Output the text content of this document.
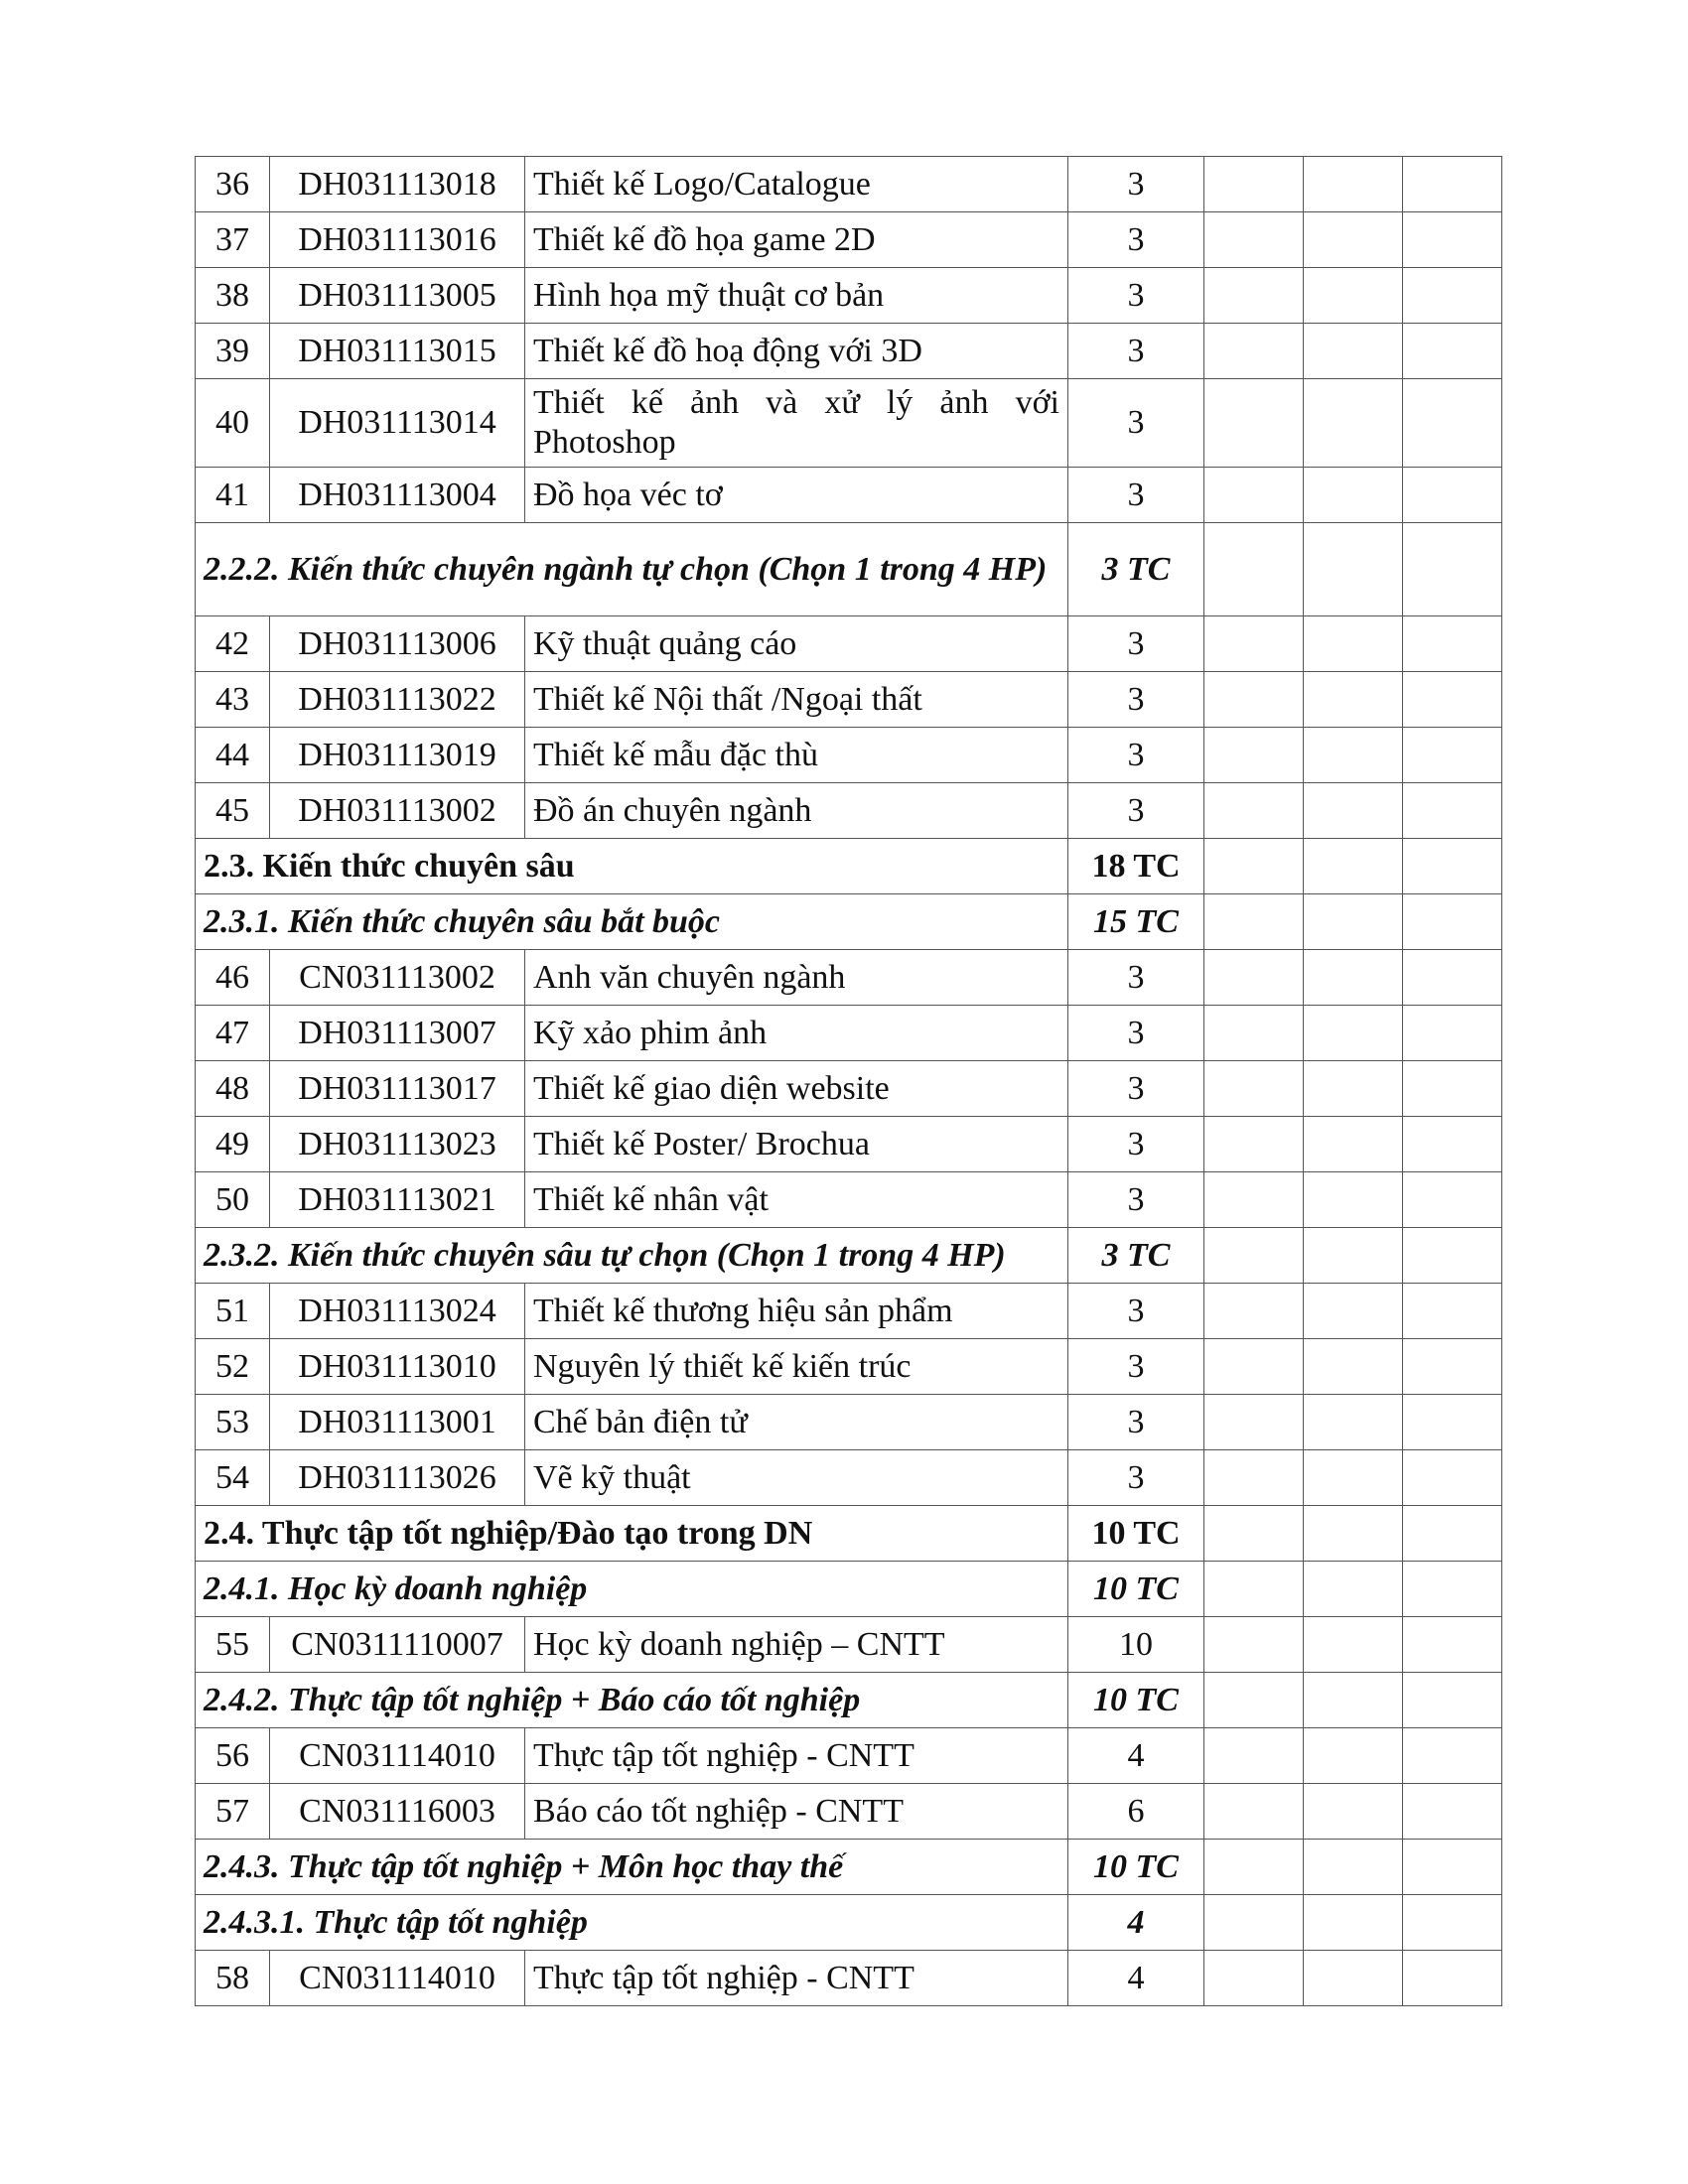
36	DH031113018	Thiết kế Logo/Catalogue	3			
37	DH031113016	Thiết kế đồ họa game 2D	3			
38	DH031113005	Hình họa mỹ thuật cơ bản	3			
39	DH031113015	Thiết kế đồ hoạ động với 3D	3			
40	DH031113014	Thiết kế ảnh và xử lý ảnh với Photoshop	3			
41	DH031113004	Đồ họa véc tơ	3			
2.2.2. Kiến thức chuyên ngành tự chọn (Chọn 1 trong 4 HP)			3 TC			
42	DH031113006	Kỹ thuật quảng cáo	3			
43	DH031113022	Thiết kế Nội thất /Ngoại thất	3			
44	DH031113019	Thiết kế mẫu đặc thù	3			
45	DH031113002	Đồ án chuyên ngành	3			
2.3. Kiến thức chuyên sâu			18 TC			
2.3.1. Kiến thức chuyên sâu bắt buộc			15 TC			
46	CN031113002	Anh văn chuyên ngành	3			
47	DH031113007	Kỹ xảo phim ảnh	3			
48	DH031113017	Thiết kế giao diện website	3			
49	DH031113023	Thiết kế Poster/ Brochua	3			
50	DH031113021	Thiết kế nhân vật	3			
2.3.2. Kiến thức chuyên sâu tự chọn (Chọn 1 trong 4 HP)			3 TC			
51	DH031113024	Thiết kế thương hiệu sản phẩm	3			
52	DH031113010	Nguyên lý thiết kế kiến trúc	3			
53	DH031113001	Chế bản điện tử	3			
54	DH031113026	Vẽ kỹ thuật	3			
2.4. Thực tập tốt nghiệp/Đào tạo trong DN			10 TC			
2.4.1. Học kỳ doanh nghiệp			10 TC			
55	CN0311110007	Học kỳ doanh nghiệp – CNTT	10			
2.4.2. Thực tập tốt nghiệp + Báo cáo tốt nghiệp			10 TC			
56	CN031114010	Thực tập tốt nghiệp - CNTT	4			
57	CN031116003	Báo cáo tốt nghiệp - CNTT	6			
2.4.3. Thực tập tốt nghiệp + Môn học thay thế			10 TC			
2.4.3.1. Thực tập tốt nghiệp			4			
58	CN031114010	Thực tập tốt nghiệp - CNTT	4			
